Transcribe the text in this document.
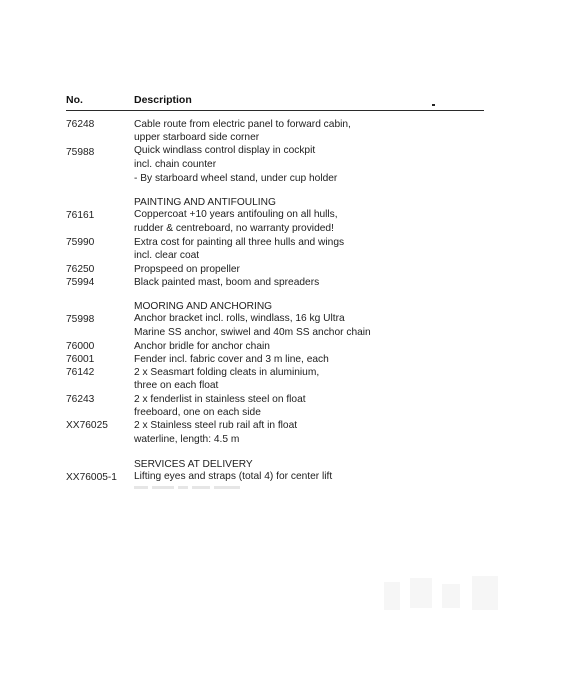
No.	Description
76248	Cable route from electric panel to forward cabin,
upper starboard side corner
75988	Quick windlass control display in cockpit
incl. chain counter
- By starboard wheel stand, under cup holder
PAINTING AND ANTIFOULING
76161	Coppercoat +10 years antifouling on all hulls,
rudder & centreboard, no warranty provided!
75990	Extra cost for painting all three hulls and wings
incl. clear coat
76250	Propspeed on propeller
75994	Black painted mast, boom and spreaders
MOORING AND ANCHORING
75998	Anchor bracket incl. rolls, windlass, 16 kg Ultra
Marine SS anchor, swiwel and 40m SS anchor chain
76000	Anchor bridle for anchor chain
76001	Fender incl. fabric cover and 3 m line, each
76142	2 x Seasmart folding cleats in aluminium,
three on each float
76243	2 x fenderlist in stainless steel on float
freeboard, one on each side
XX76025	2 x Stainless steel rub rail aft in float
waterline, length: 4.5 m
SERVICES AT DELIVERY
XX76005-1 Lifting eyes and straps (total 4) for center lift
